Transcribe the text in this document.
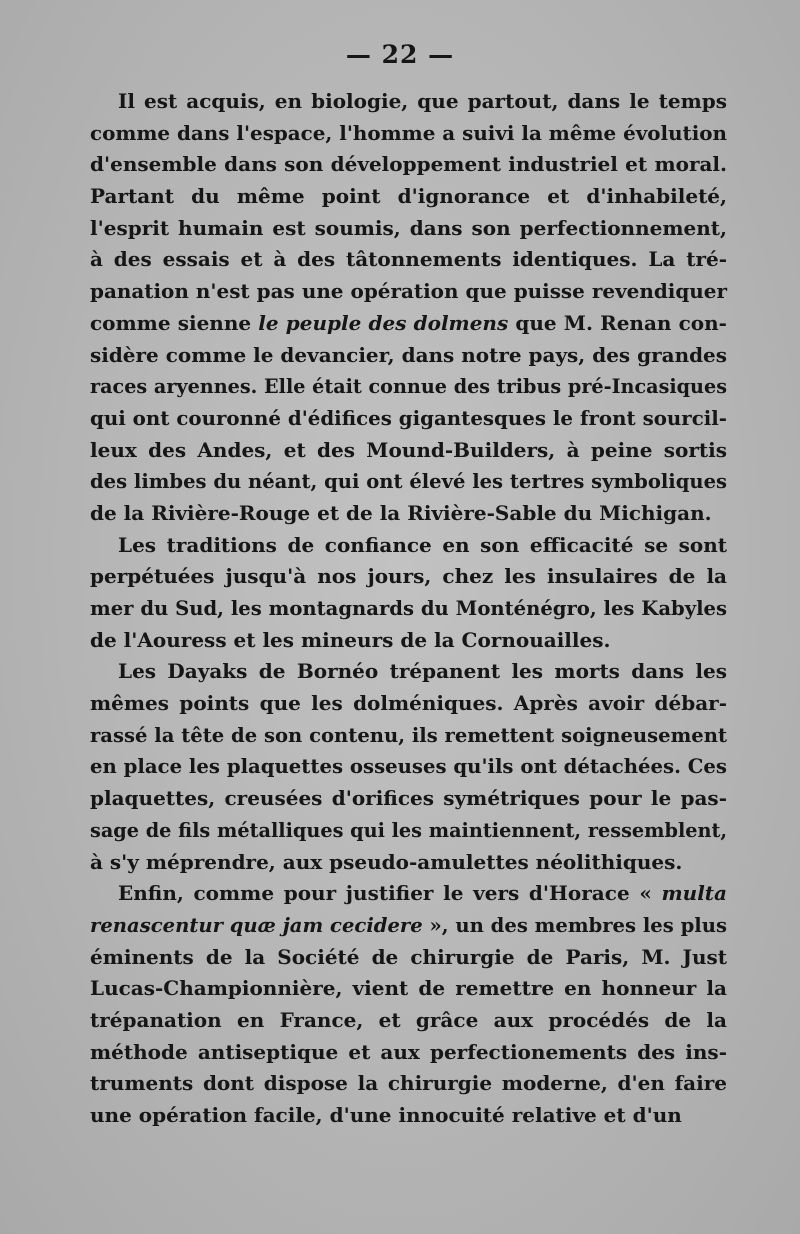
— 22 —
Il est acquis, en biologie, que partout, dans le temps
comme dans l'espace, l'homme a suivi la même évolution
d'ensemble dans son développement industriel et moral.
Partant du même point d'ignorance et d'inhabileté,
l'esprit humain est soumis, dans son perfectionnement,
à des essais et à des tâtonnements identiques. La tré-
panation n'est pas une opération que puisse revendiquer
comme sienne le peuple des dolmens que M. Renan con-
sidère comme le devancier, dans notre pays, des grandes
races aryennes. Elle était connue des tribus pré-Incasiques
qui ont couronné d'édifices gigantesques le front sourcil-
leux des Andes, et des Mound-Builders, à peine sortis
des limbes du néant, qui ont élevé les tertres symboliques
de la Rivière-Rouge et de la Rivière-Sable du Michigan.
Les traditions de confiance en son efficacité se sont
perpétuées jusqu'à nos jours, chez les insulaires de la
mer du Sud, les montagnards du Monténégro, les Kabyles
de l'Aouress et les mineurs de la Cornouailles.
Les Dayaks de Bornéo trépanent les morts dans les
mêmes points que les dolméniques. Après avoir débar-
rassé la tête de son contenu, ils remettent soigneusement
en place les plaquettes osseuses qu'ils ont détachées. Ces
plaquettes, creusées d'orifices symétriques pour le pas-
sage de fils métalliques qui les maintiennent, ressemblent,
à s'y méprendre, aux pseudo-amulettes néolithiques.
Enfin, comme pour justifier le vers d'Horace « multa
renascentur quæ jam cecidere », un des membres les plus
éminents de la Société de chirurgie de Paris, M. Just
Lucas-Championnière, vient de remettre en honneur la
trépanation en France, et grâce aux procédés de la
méthode antiseptique et aux perfectionements des ins-
truments dont dispose la chirurgie moderne, d'en faire
une opération facile, d'une innocuité relative et d'un
